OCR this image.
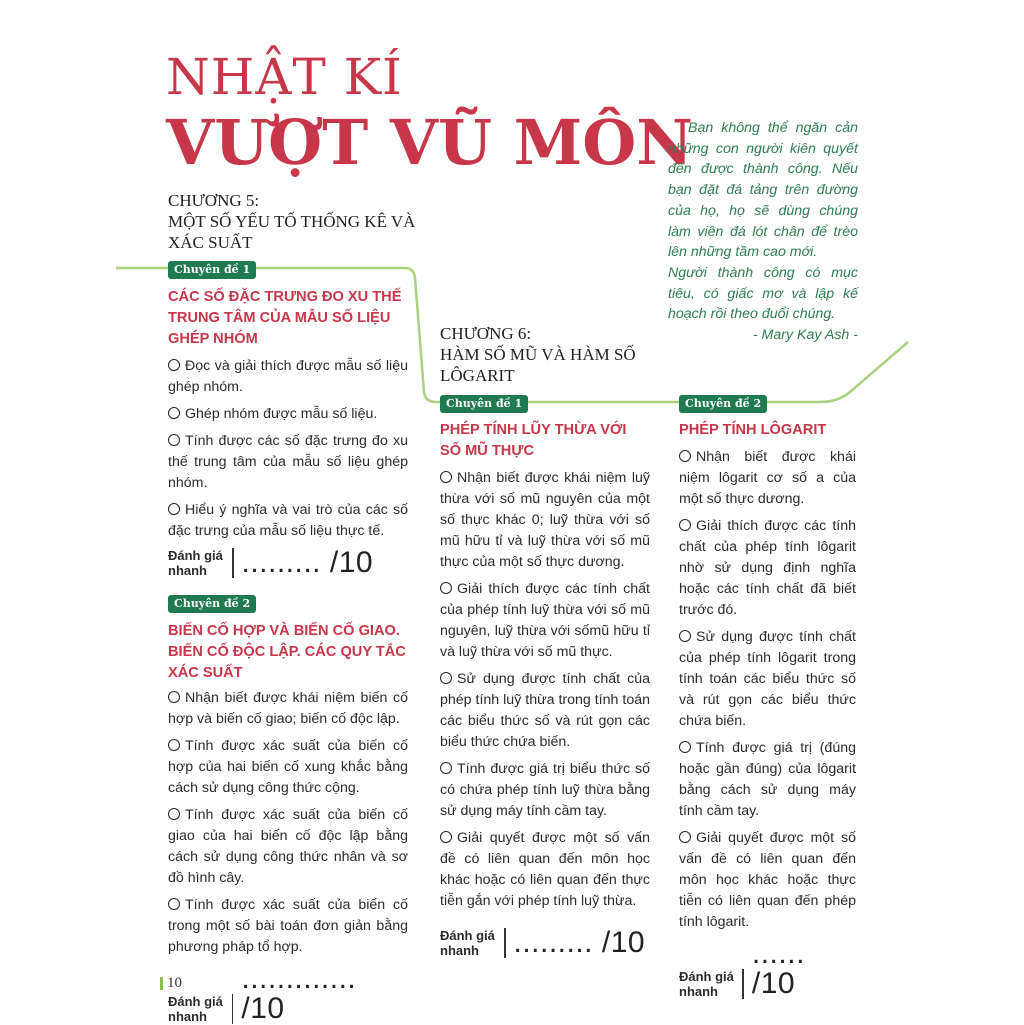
NHẬT KÍ
VƯỢT VŨ MÔN
CHƯƠNG 5:
MỘT SỐ YẾU TỐ THỐNG KÊ VÀ
XÁC SUẤT

Bạn không thể ngăn cản những con người kiên quyết đến được thành công. Nếu bạn đặt đá tảng trên đường của họ, họ sẽ dùng chúng làm viên đá lót chân để trèo lên những tầm cao mới.

Người thành công có mục tiêu, có giấc mơ và lập kế hoạch rồi theo đuổi chúng.

- Mary Kay Ash -

CHƯƠNG 6:
HÀM SỐ MŨ VÀ HÀM SỐ
LÔGARIT
Chuyên đề 1
CÁC SỐ ĐẶC TRƯNG ĐO XU THẾ TRUNG TÂM CỦA MẪU SỐ LIỆU GHÉP NHÓM
Đọc và giải thích được mẫu số liệu ghép nhóm.
Ghép nhóm được mẫu số liệu.
Tính được các số đặc trưng đo xu thế trung tâm của mẫu số liệu ghép nhóm.
Hiểu ý nghĩa và vai trò của các số đặc trưng của mẫu số liệu thực tế.
Đánh giá nhanh	......... /10
Chuyên đề 2
BIẾN CỐ HỢP VÀ BIẾN CỐ GIAO. BIẾN CỐ ĐỘC LẬP. CÁC QUY TẮC XÁC SUẤT
Nhận biết được khái niệm biến cố hợp và biến cố giao; biến cố độc lập.
Tính được xác suất của biến cố hợp của hai biến cố xung khắc bằng cách sử dụng công thức cộng.
Tính được xác suất của biến cố giao của hai biến cố độc lập bằng cách sử dụng công thức nhân và sơ đồ hình cây.
Tính được xác suất của biến cố trong một số bài toán đơn giản bằng phương pháp tổ hợp.
Đánh giá nhanh
............. /10
Chuyên đề 1
PHÉP TÍNH LŨY THỪA VỚI SỐ MŨ THỰC
Nhận biết được khái niệm luỹ thừa với số mũ nguyên của một số thực khác 0; luỹ thừa với số mũ hữu tỉ và luỹ thừa với số mũ thực của một số thực dương.
Giải thích được các tính chất của phép tính luỹ thừa với số mũ nguyên, luỹ thừa với sốmũ hữu tỉ và luỹ thừa với số mũ thực.
Sử dụng được tính chất của phép tính luỹ thừa trong tính toán các biểu thức số và rút gọn các biểu thức chứa biến.
Tính được giá trị biểu thức số có chứa phép tính luỹ thừa bằng sử dụng máy tính cầm tay.
Giải quyết được một số vấn đề có liên quan đến môn học khác hoặc có liên quan đến thực tiễn gắn với phép tính luỹ thừa.
Đánh giá nhanh	......... /10
Chuyên đề 2
PHÉP TÍNH LÔGARIT
Nhận biết được khái niệm lôgarit cơ số a của một số thực dương.
Giải thích được các tính chất của phép tính lôgarit nhờ sử dụng định nghĩa hoặc các tính chất đã biết trước đó.
Sử dụng được tính chất của phép tính lôgarit trong tính toán các biểu thức số và rút gọn các biểu thức chứa biến.
Tính được giá trị (đúng hoặc gần đúng) của lôgarit bằng cách sử dụng máy tính cầm tay.
Giải quyết được một số vấn đề có liên quan đến môn học khác hoặc thực tiễn có liên quan đến phép tính lôgarit.
Đánh giá nhanh
...... /10
10
